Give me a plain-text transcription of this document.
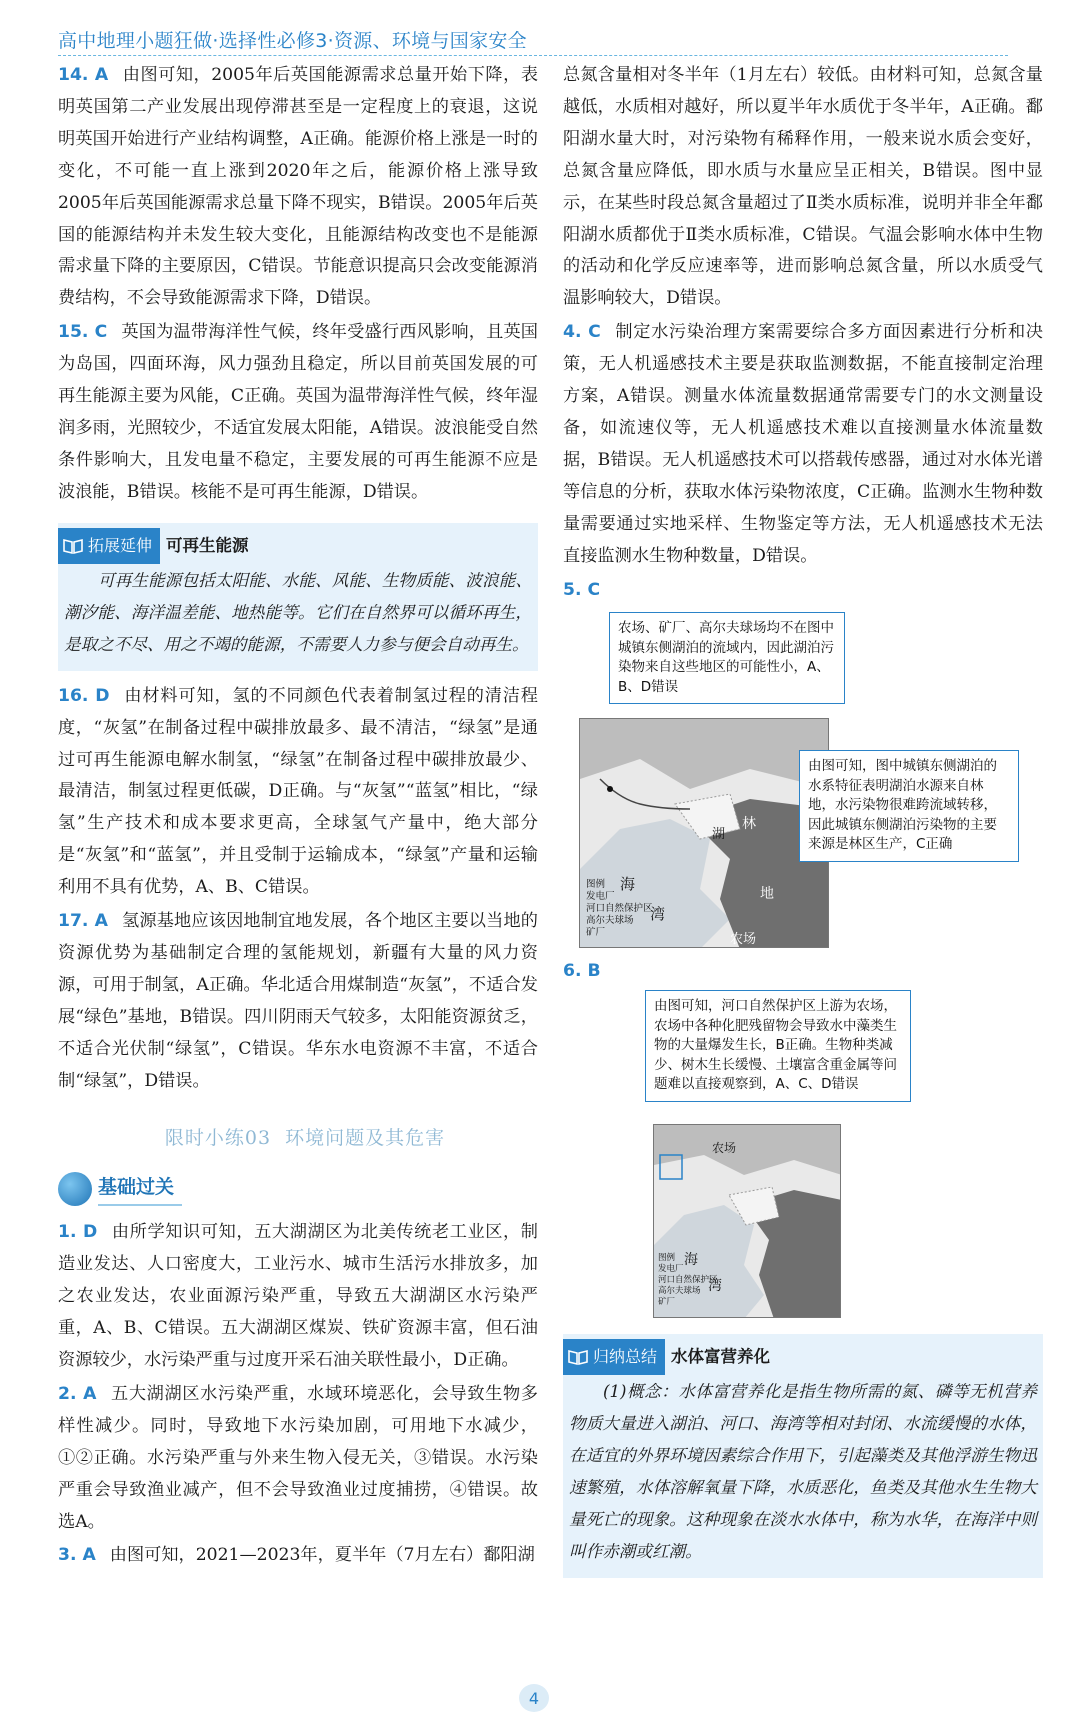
高中地理小题狂做·选择性必修3·资源、环境与国家安全

14. A 由图可知，2005年后英国能源需求总量开始下降，表明英国第二产业发展出现停滞甚至是一定程度上的衰退，这说明英国开始进行产业结构调整，A正确。能源价格上涨是一时的变化，不可能一直上涨到2020年之后，能源价格上涨导致2005年后英国能源需求总量下降不现实，B错误。2005年后英国的能源结构并未发生较大变化，且能源结构改变也不是能源需求量下降的主要原因，C错误。节能意识提高只会改变能源消费结构，不会导致能源需求下降，D错误。

15. C 英国为温带海洋性气候，终年受盛行西风影响，且英国为岛国，四面环海，风力强劲且稳定，所以目前英国发展的可再生能源主要为风能，C正确。英国为温带海洋性气候，终年湿润多雨，光照较少，不适宜发展太阳能，A错误。波浪能受自然条件影响大，且发电量不稳定，主要发展的可再生能源不应是波浪能，B错误。核能不是可再生能源，D错误。

拓展延伸 可再生能源

可再生能源包括太阳能、水能、风能、生物质能、波浪能、潮汐能、海洋温差能、地热能等。它们在自然界可以循环再生，是取之不尽、用之不竭的能源，不需要人力参与便会自动再生。

16. D 由材料可知，氢的不同颜色代表着制氢过程的清洁程度，“灰氢”在制备过程中碳排放最多、最不清洁，“绿氢”是通过可再生能源电解水制氢，“绿氢”在制备过程中碳排放最少、最清洁，制氢过程更低碳，D正确。与“灰氢”“蓝氢”相比，“绿氢”生产技术和成本要求更高，全球氢气产量中，绝大部分是“灰氢”和“蓝氢”，并且受制于运输成本，“绿氢”产量和运输利用不具有优势，A、B、C错误。

17. A 氢源基地应该因地制宜地发展，各个地区主要以当地的资源优势为基础制定合理的氢能规划，新疆有大量的风力资源，可用于制氢，A正确。华北适合用煤制造“灰氢”，不适合发展“绿色”基地，B错误。四川阴雨天气较多，太阳能资源贫乏，不适合光伏制“绿氢”，C错误。华东水电资源不丰富，不适合制“绿氢”，D错误。

限时小练03 环境问题及其危害
基础过关

1. D 由所学知识可知，五大湖湖区为北美传统老工业区，制造业发达、人口密度大，工业污水、城市生活污水排放多，加之农业发达，农业面源污染严重，导致五大湖湖区水污染严重，A、B、C错误。五大湖湖区煤炭、铁矿资源丰富，但石油资源较少，水污染严重与过度开采石油关联性最小，D正确。

2. A 五大湖湖区水污染严重，水域环境恶化，会导致生物多样性减少。同时，导致地下水污染加剧，可用地下水减少，①②正确。水污染严重与外来生物入侵无关，③错误。水污染严重会导致渔业减产，但不会导致渔业过度捕捞，④错误。故选A。

3. A 由图可知，2021—2023年，夏半年（7月左右）鄱阳湖

总氮含量相对冬半年（1月左右）较低。由材料可知，总氮含量越低，水质相对越好，所以夏半年水质优于冬半年，A正确。鄱阳湖水量大时，对污染物有稀释作用，一般来说水质会变好，总氮含量应降低，即水质与水量应呈正相关，B错误。图中显示，在某些时段总氮含量超过了Ⅱ类水质标准，说明并非全年鄱阳湖水质都优于Ⅱ类水质标准，C错误。气温会影响水体中生物的活动和化学反应速率等，进而影响总氮含量，所以水质受气温影响较大，D错误。

4. C 制定水污染治理方案需要综合多方面因素进行分析和决策，无人机遥感技术主要是获取监测数据，不能直接制定治理方案，A错误。测量水体流量数据通常需要专门的水文测量设备，如流速仪等，无人机遥感技术难以直接测量水体流量数据，B错误。无人机遥感技术可以搭载传感器，通过对水体光谱等信息的分析，获取水体污染物浓度，C正确。监测水生物种数量需要通过实地采样、生物鉴定等方法，无人机遥感技术无法直接监测水生物种数量，D错误。

5. C

海
湾
林
湖
地
农场
图例
发电厂
河口自然保护区
高尔夫球场
矿厂
农场、矿厂、高尔夫球场均不在图中城镇东侧湖泊的流域内，因此湖泊污染物来自这些地区的可能性小，A、B、D错误
由图可知，图中城镇东侧湖泊的水系特征表明湖泊水源来自林地，水污染物很难跨流域转移，因此城镇东侧湖泊污染物的主要来源是林区生产，C正确

6. B

由图可知，河口自然保护区上游为农场，农场中各种化肥残留物会导致水中藻类生物的大量爆发生长，B正确。生物种类减少、树木生长缓慢、土壤富含重金属等问题难以直接观察到，A、C、D错误
海
湾
农场
图例
发电厂
河口自然保护区
高尔夫球场
矿厂
归纳总结 水体富营养化

(1)概念：水体富营养化是指生物所需的氮、磷等无机营养物质大量进入湖泊、河口、海湾等相对封闭、水流缓慢的水体，在适宜的外界环境因素综合作用下，引起藻类及其他浮游生物迅速繁殖，水体溶解氧量下降，水质恶化，鱼类及其他水生生物大量死亡的现象。这种现象在淡水水体中，称为水华，在海洋中则叫作赤潮或红潮。

4
